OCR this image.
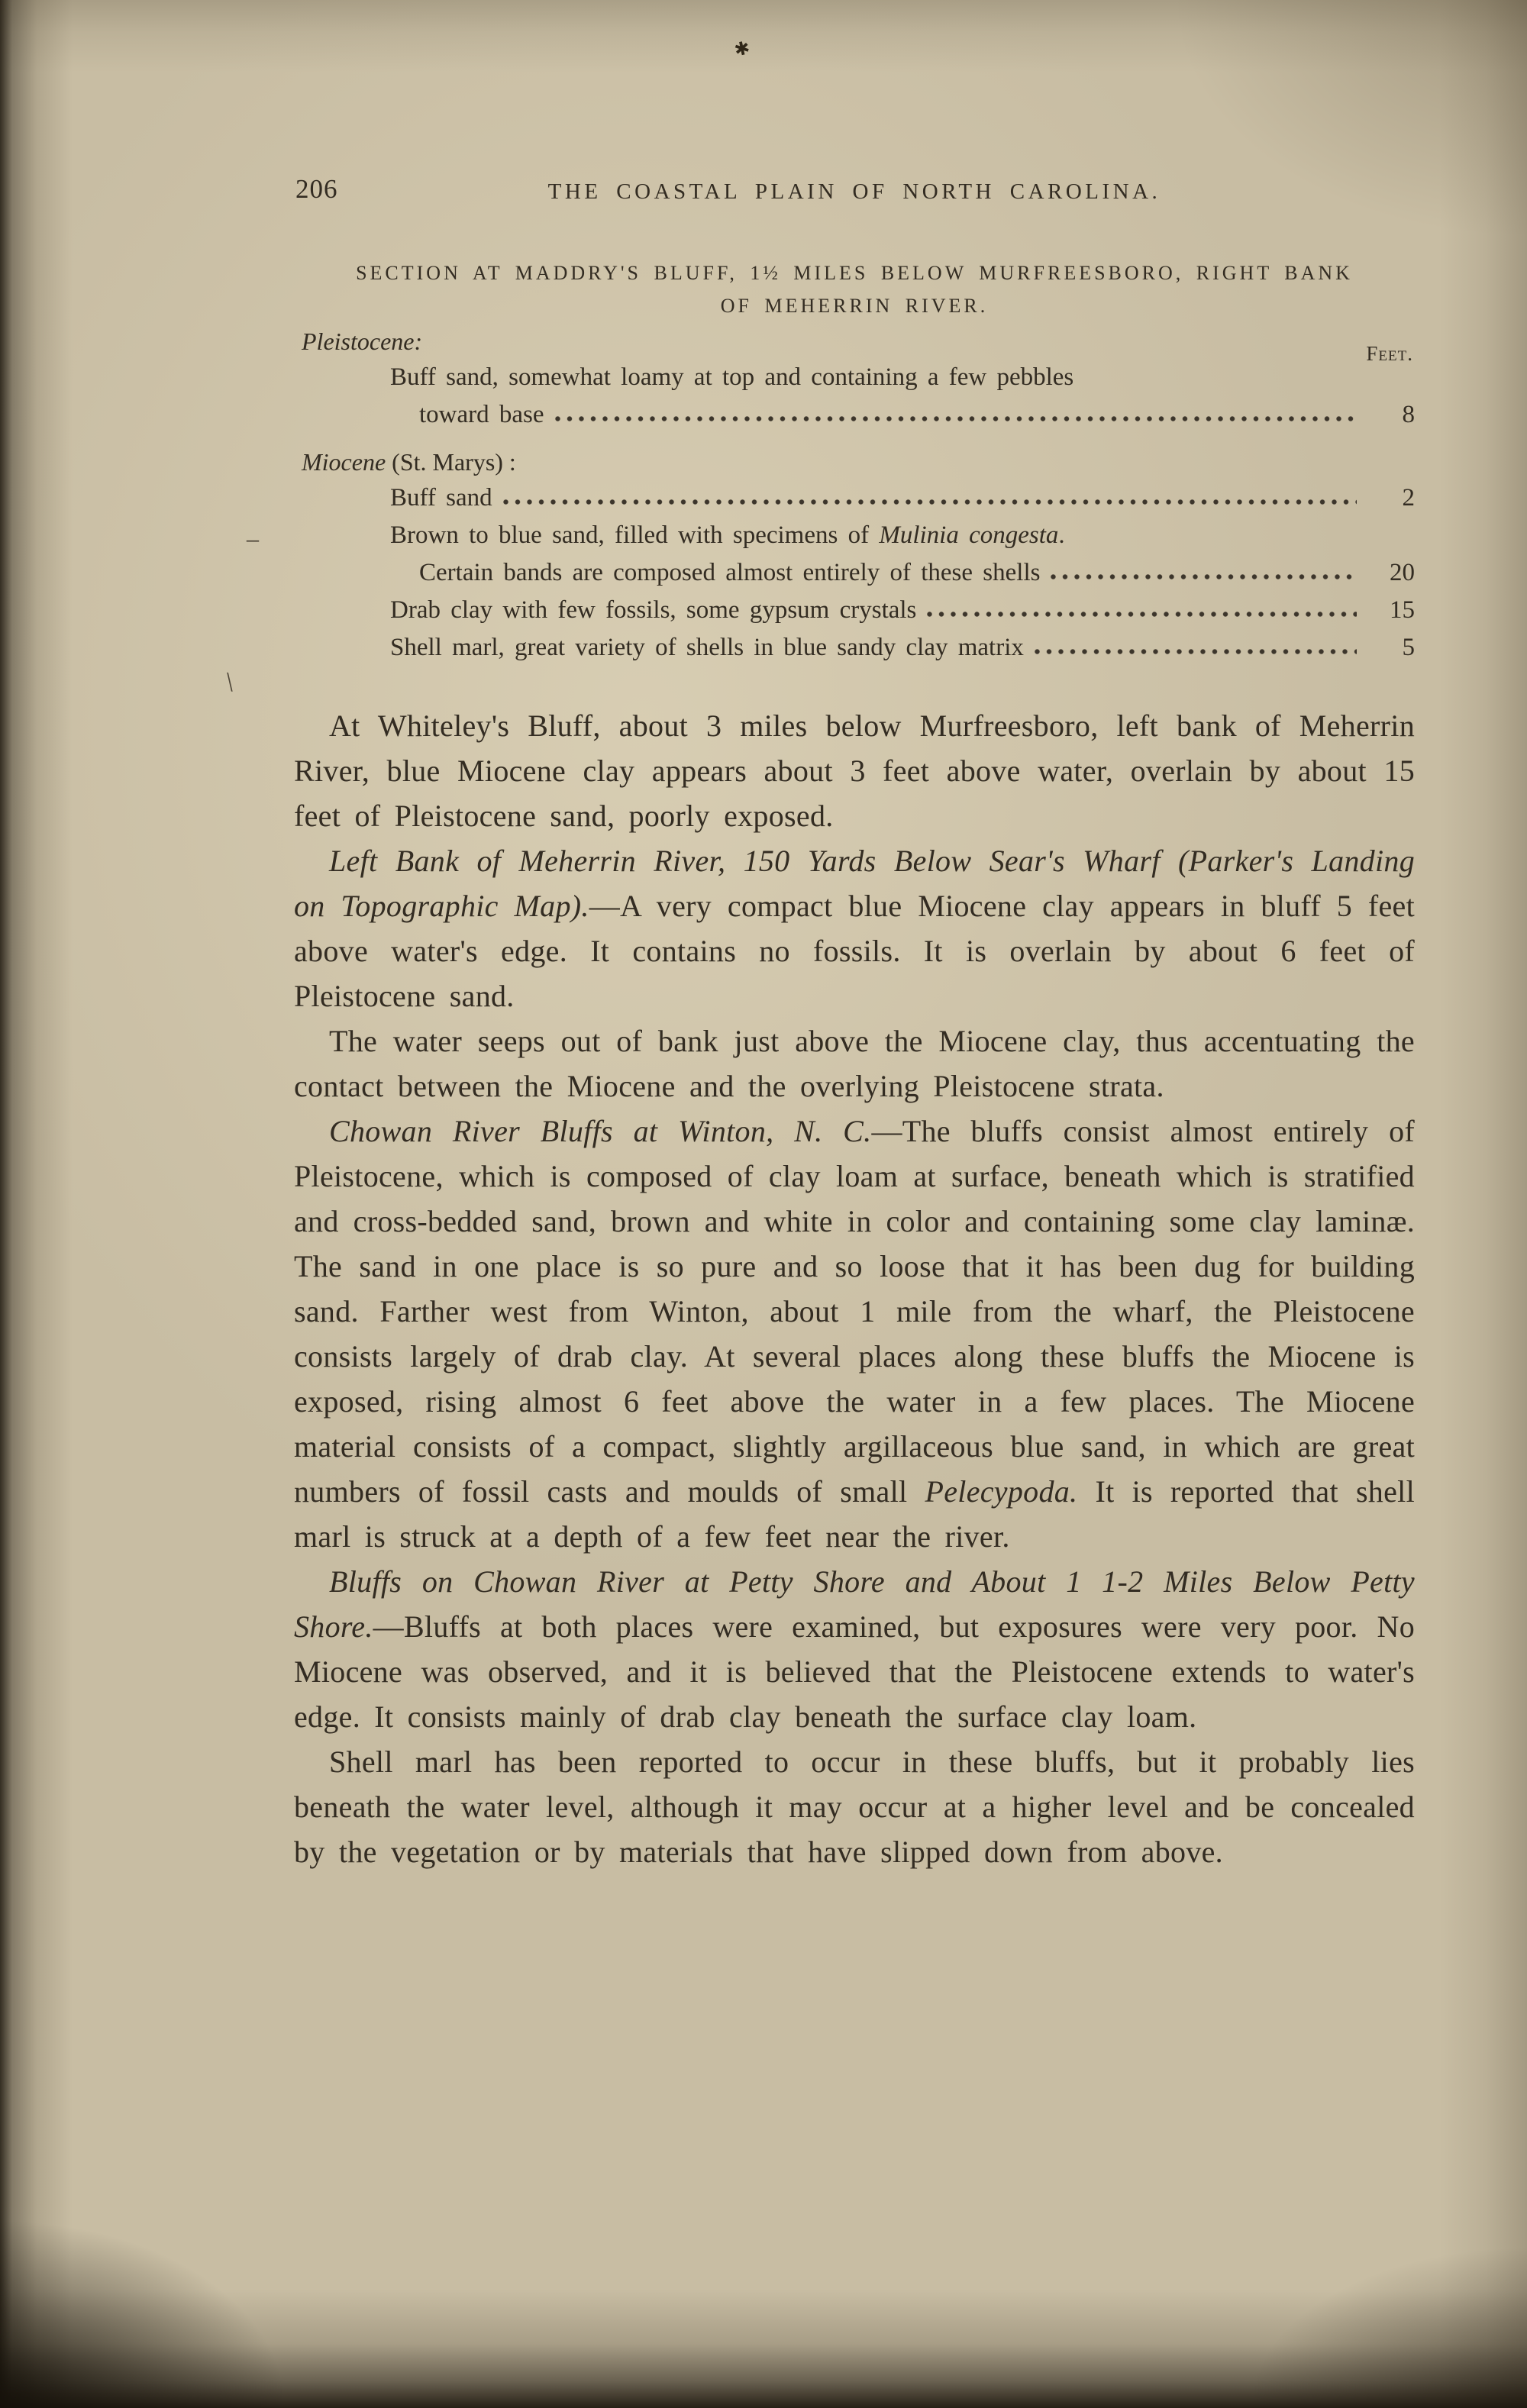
✱
\
206	THE COASTAL PLAIN OF NORTH CAROLINA.
SECTION AT MADDRY'S BLUFF, 1½ MILES BELOW MURFREESBORO, RIGHT BANK
OF MEHERRIN RIVER.
Feet.
Pleistocene:
Buff sand, somewhat loamy at top and containing a few pebbles
toward base	8
Miocene (St. Marys) :
Buff sand	2
Brown to blue sand, filled with specimens of Mulinia congesta.
Certain bands are composed almost entirely of these shells	20
–
Drab clay with few fossils, some gypsum crystals	15
Shell marl, great variety of shells in blue sandy clay matrix	5

At Whiteley's Bluff, about 3 miles below Murfreesboro, left bank of Meherrin River, blue Miocene clay appears about 3 feet above water, overlain by about 15 feet of Pleistocene sand, poorly exposed.

Left Bank of Meherrin River, 150 Yards Below Sear's Wharf (Parker's Landing on Topographic Map).—A very compact blue Miocene clay appears in bluff 5 feet above water's edge. It contains no fossils. It is overlain by about 6 feet of Pleistocene sand.

The water seeps out of bank just above the Miocene clay, thus accentuating the contact between the Miocene and the overlying Pleistocene strata.

Chowan River Bluffs at Winton, N. C.—The bluffs consist almost entirely of Pleistocene, which is composed of clay loam at surface, beneath which is stratified and cross-bedded sand, brown and white in color and containing some clay laminæ. The sand in one place is so pure and so loose that it has been dug for building sand. Farther west from Winton, about 1 mile from the wharf, the Pleistocene consists largely of drab clay. At several places along these bluffs the Miocene is exposed, rising almost 6 feet above the water in a few places. The Miocene material consists of a compact, slightly argillaceous blue sand, in which are great numbers of fossil casts and moulds of small Pelecypoda. It is reported that shell marl is struck at a depth of a few feet near the river.

Bluffs on Chowan River at Petty Shore and About 1 1-2 Miles Below Petty Shore.—Bluffs at both places were examined, but exposures were very poor. No Miocene was observed, and it is believed that the Pleistocene extends to water's edge. It consists mainly of drab clay beneath the surface clay loam.

Shell marl has been reported to occur in these bluffs, but it probably lies beneath the water level, although it may occur at a higher level and be concealed by the vegetation or by materials that have slipped down from above.
